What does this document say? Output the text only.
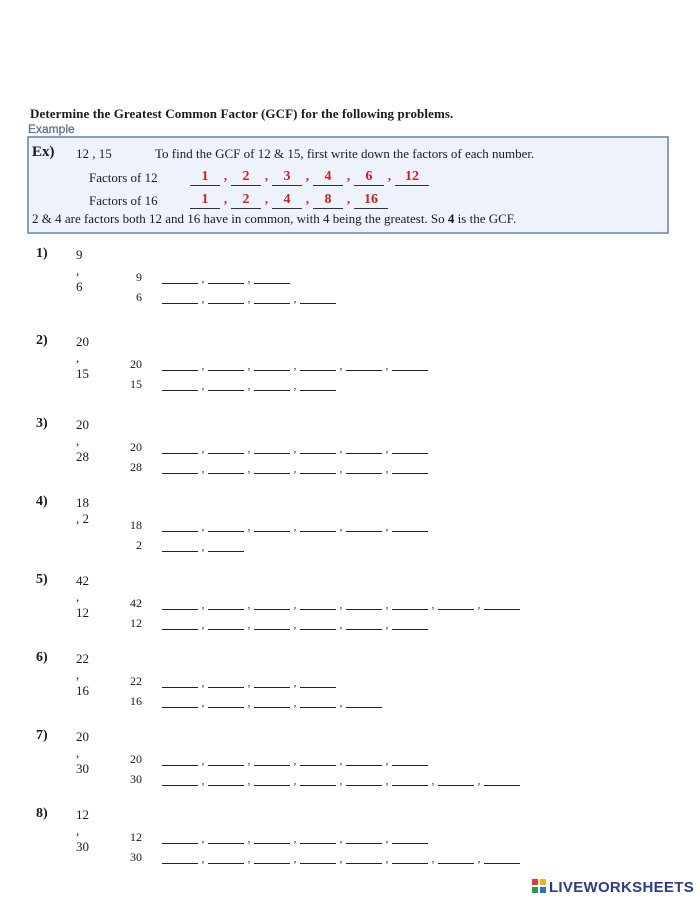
Determine the Greatest Common Factor (GCF) for the following problems.
Example
Ex) 12 , 15	To find the GCF of 12 & 15, first write down the factors of each number.
Factors of 12	1 , 2 , 3 , 4 , 6 , 12
Factors of 16	1 , 2 , 4 , 8 , 16
2 & 4 are factors both 12 and 16 have in common, with 4 being the greatest. So 4 is the GCF.
1) 9 , 6
9	,	,
6	,	,	,
2) 20 , 15
20	,	,	,	,	,
15	,	,	,
3) 20 , 28
20	,	,	,	,	,
28	,	,	,	,	,
4) 18 , 2	18	,	,	,	,	,
2	,
5) 42 , 12
42	,	,	,	,	,	,	,
12	,	,	,	,	,
6) 22 , 16
22	,	,	,
16	,	,	,	,
7) 20 , 30
20	,	,	,	,	,
30	,	,	,	,	,	,	,
8) 12 , 30
12	,	,	,	,	,
30	,	,	,	,	,	,	,
LIVEWORKSHEETS
